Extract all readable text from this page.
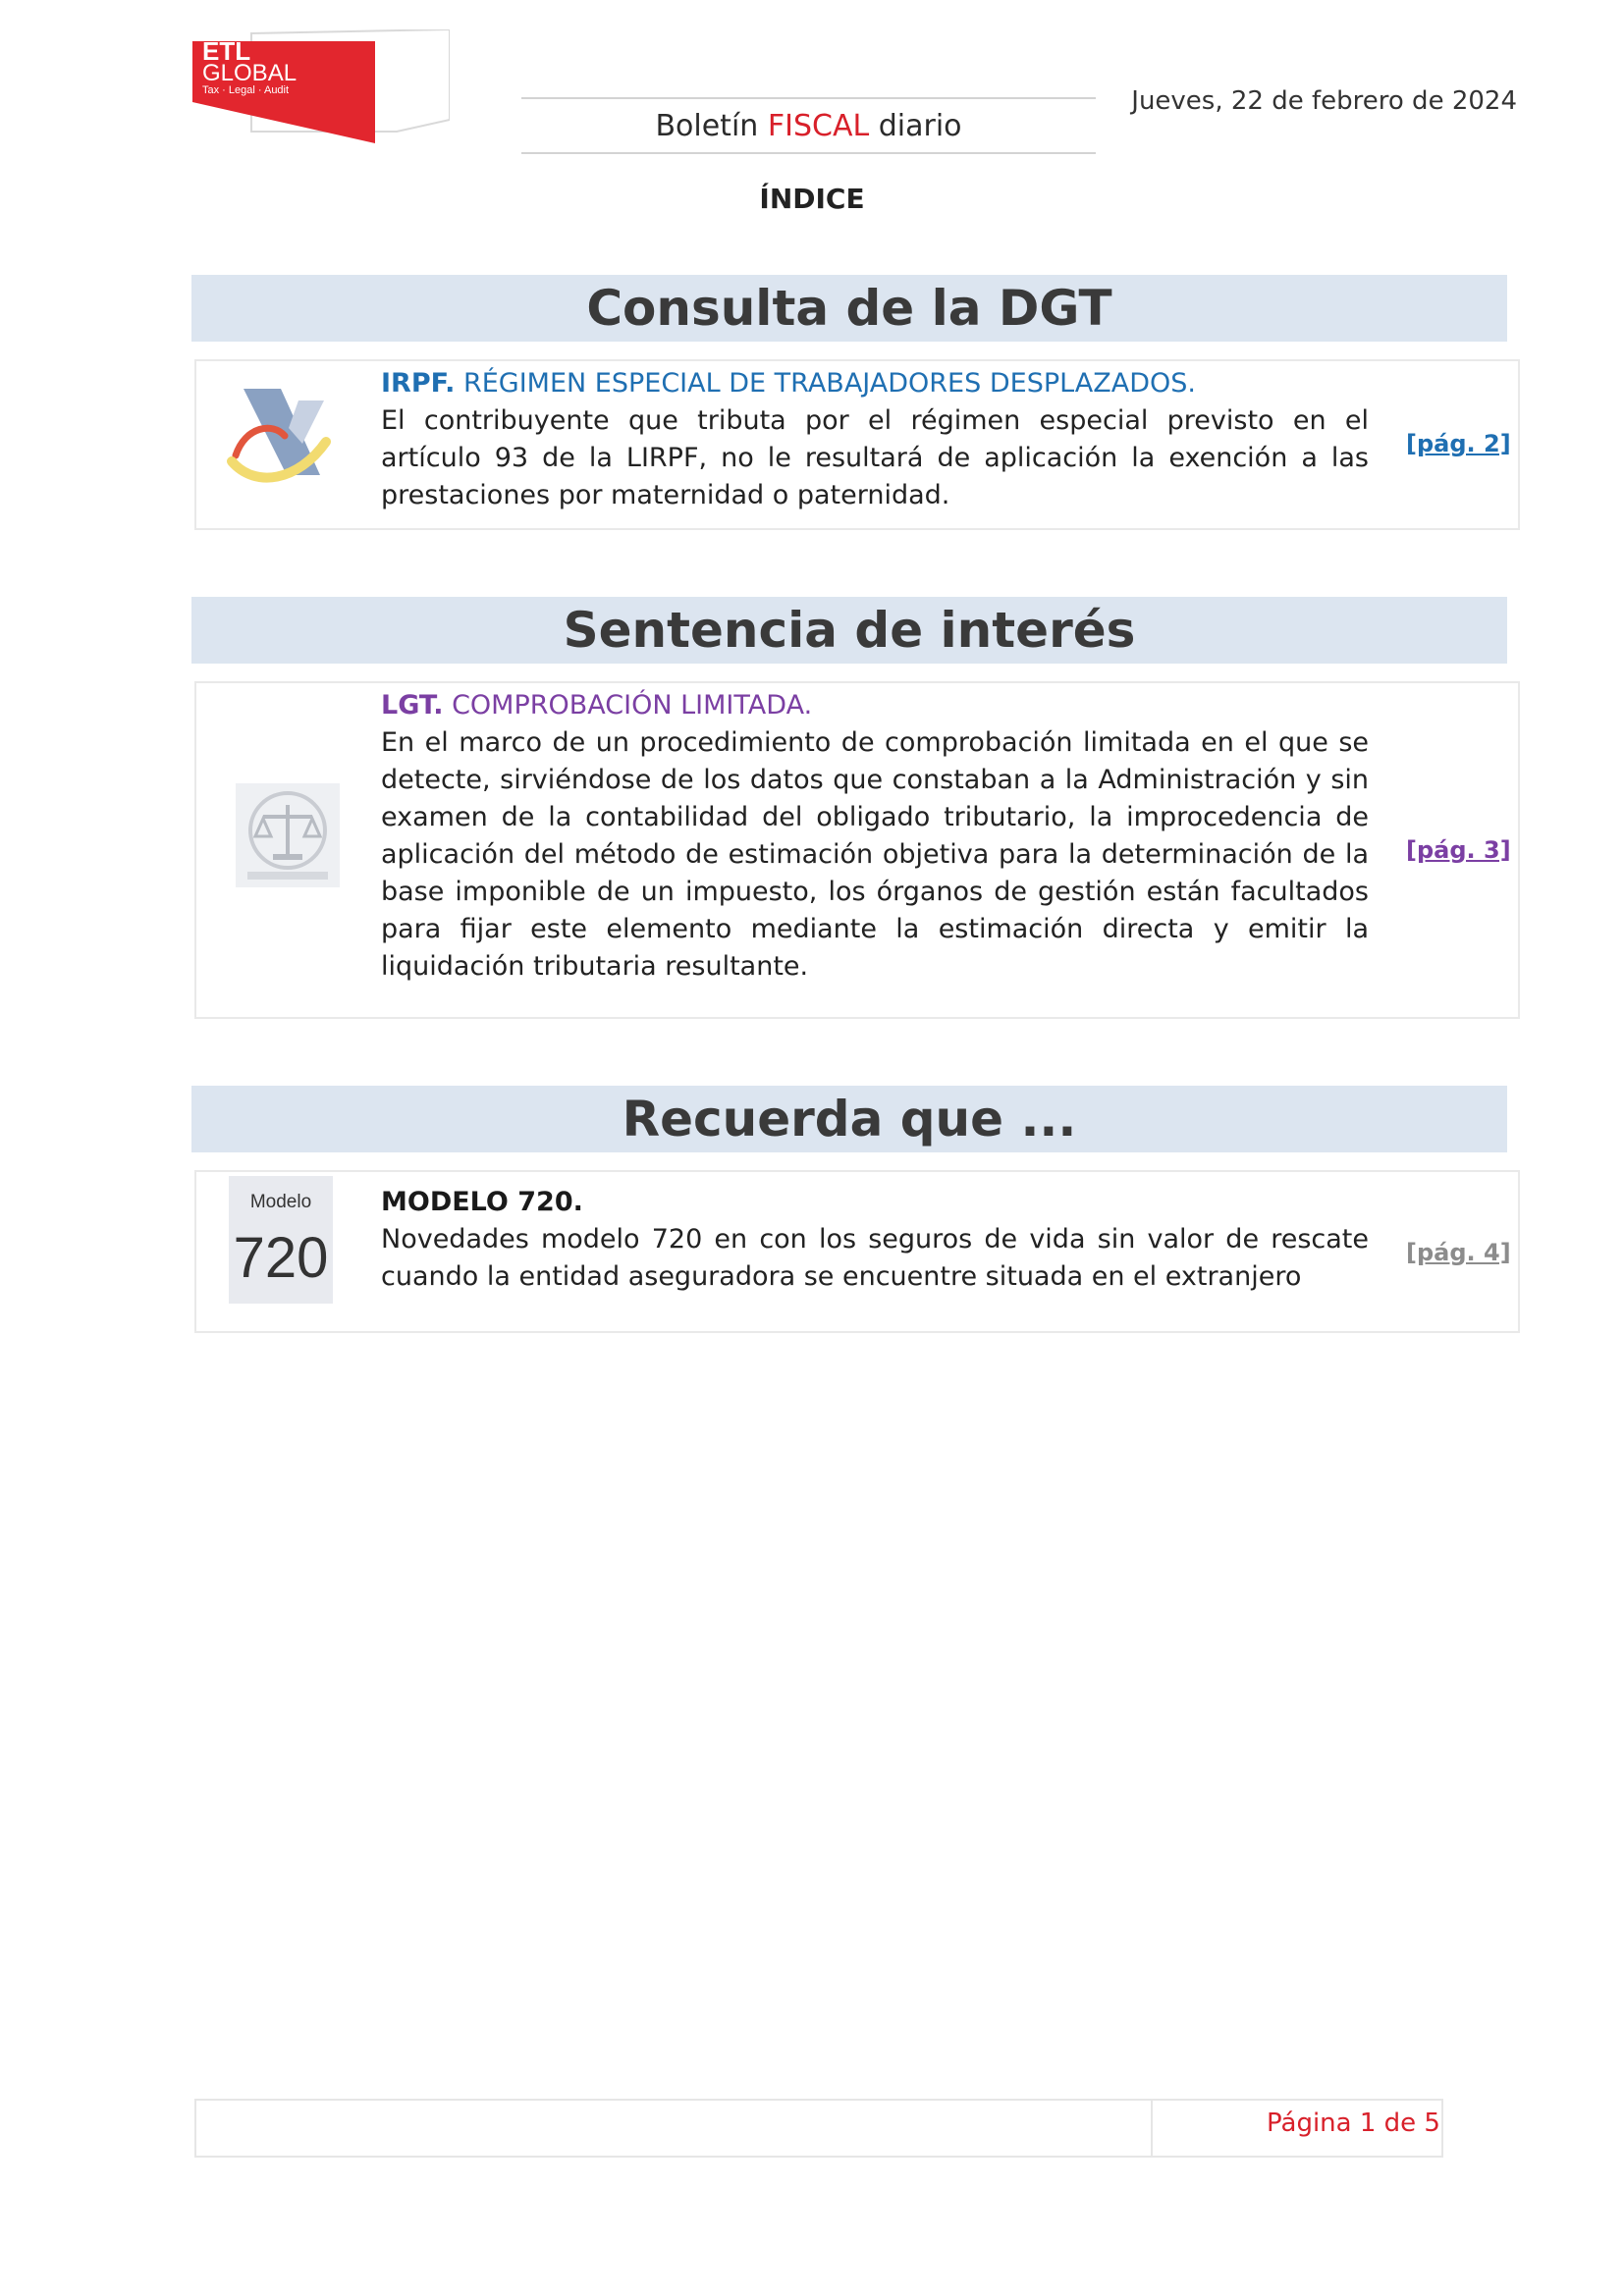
ETL
GLOBAL
Tax · Legal · Audit
Boletín
FISCAL
diario
Jueves, 22 de febrero de 2024
ÍNDICE
Consulta de la DGT
IRPF. RÉGIMEN ESPECIAL DE TRABAJADORES DESPLAZADOS.
El contribuyente que tributa por el régimen especial previsto en el artículo 93 de la LIRPF, no le resultará de aplicación la exención a las prestaciones por maternidad o paternidad.
[pág. 2]
Sentencia de interés
LGT. COMPROBACIÓN LIMITADA.
En el marco de un procedimiento de comprobación limitada en el que se detecte, sirviéndose de los datos que constaban a la Administración y sin examen de la contabilidad del obligado tributario, la improcedencia de aplicación del método de estimación objetiva para la determinación de la base imponible de un impuesto, los órganos de gestión están facultados para fijar este elemento mediante la estimación directa y emitir la liquidación tributaria resultante.
[pág. 3]
Recuerda que ...
Modelo
720
MODELO 720.
Novedades modelo 720 en con los seguros de vida sin valor de rescate cuando la entidad aseguradora se encuentre situada en el extranjero
[pág. 4]
Página 1 de 5
